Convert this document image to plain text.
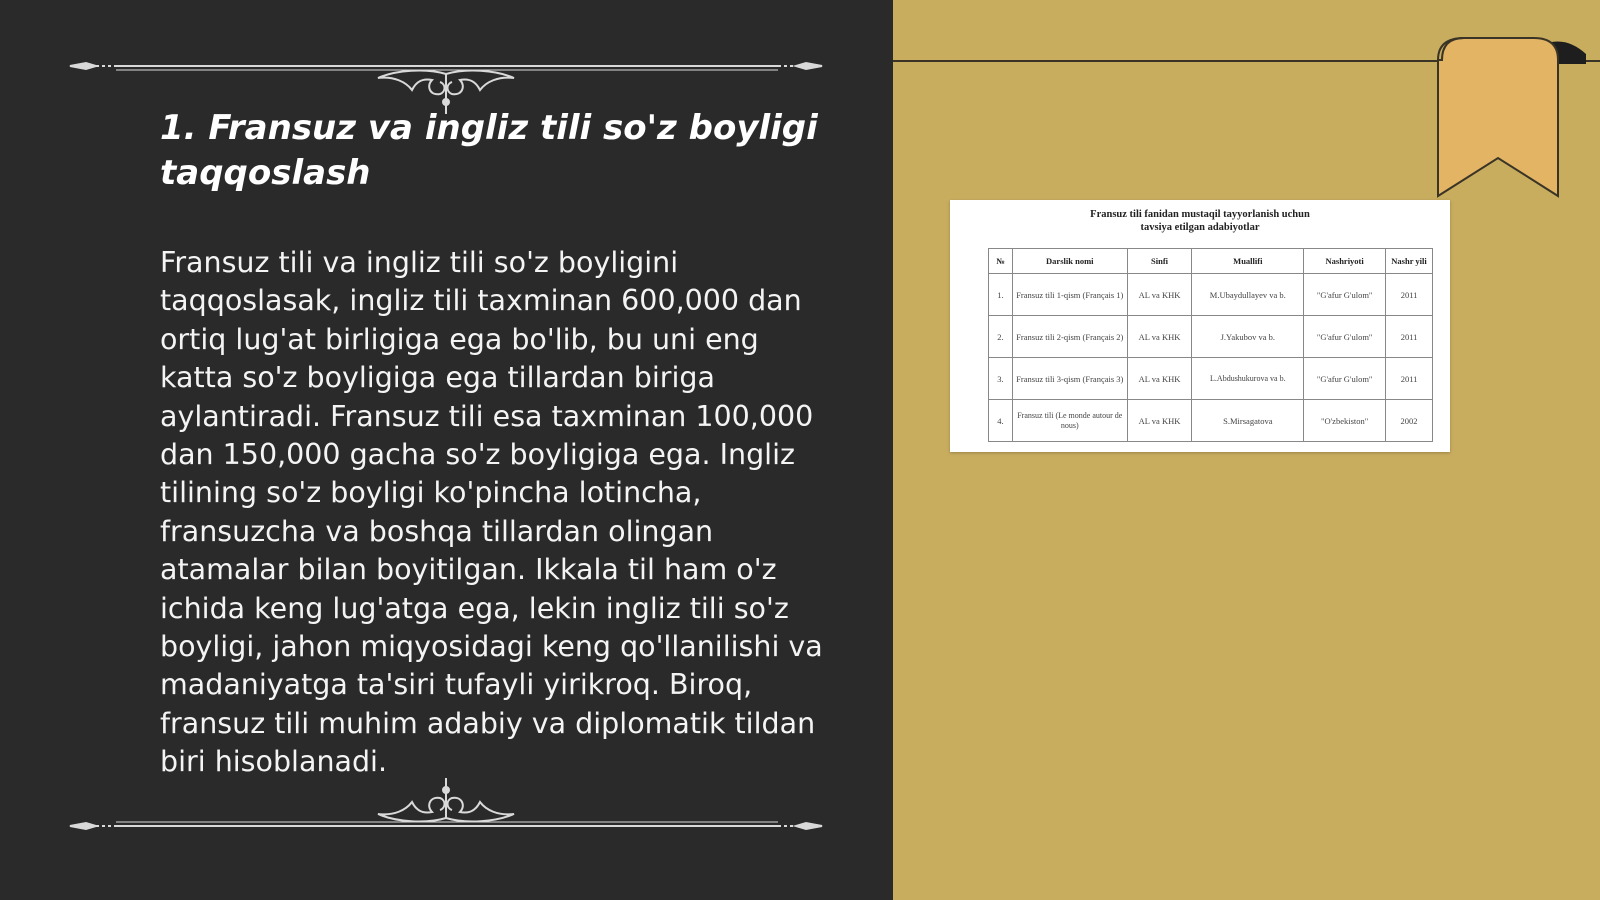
1. Fransuz va ingliz tili so'z boyligi taqqoslash

Fransuz tili va ingliz tili so'z boyligini taqqoslasak, ingliz tili taxminan 600,000 dan ortiq lug'at birligiga ega bo'lib, bu uni eng katta so'z boyligiga ega tillardan biriga aylantiradi. Fransuz tili esa taxminan 100,000 dan 150,000 gacha so'z boyligiga ega. Ingliz tilining so'z boyligi ko'pincha lotincha, fransuzcha va boshqa tillardan olingan atamalar bilan boyitilgan. Ikkala til ham o'z ichida keng lug'atga ega, lekin ingliz tili so'z boyligi, jahon miqyosidagi keng qo'llanilishi va madaniyatga ta'siri tufayli yirikroq. Biroq, fransuz tili muhim adabiy va diplomatik tildan biri hisoblanadi.

Fransuz tili fanidan mustaqil tayyorlanish uchun
tavsiya etilgan adabiyotlar
№	Darslik nomi	Sinfi	Muallifi	Nashriyoti	Nashr yili
1.	Fransuz tili 1-qism (Français 1)	AL va KHK	M.Ubaydullayev va b.	"G'afur G'ulom"	2011
2.	Fransuz tili 2-qism (Français 2)	AL va KHK	J.Yakubov va b.	"G'afur G'ulom"	2011
3.	Fransuz tili 3-qism (Français 3)	AL va KHK	L.Abdushukurova va b.	"G'afur G'ulom"	2011
4.	Fransuz tili (Le monde autour de nous)	AL va KHK	S.Mirsagatova	"O'zbekiston"	2002
